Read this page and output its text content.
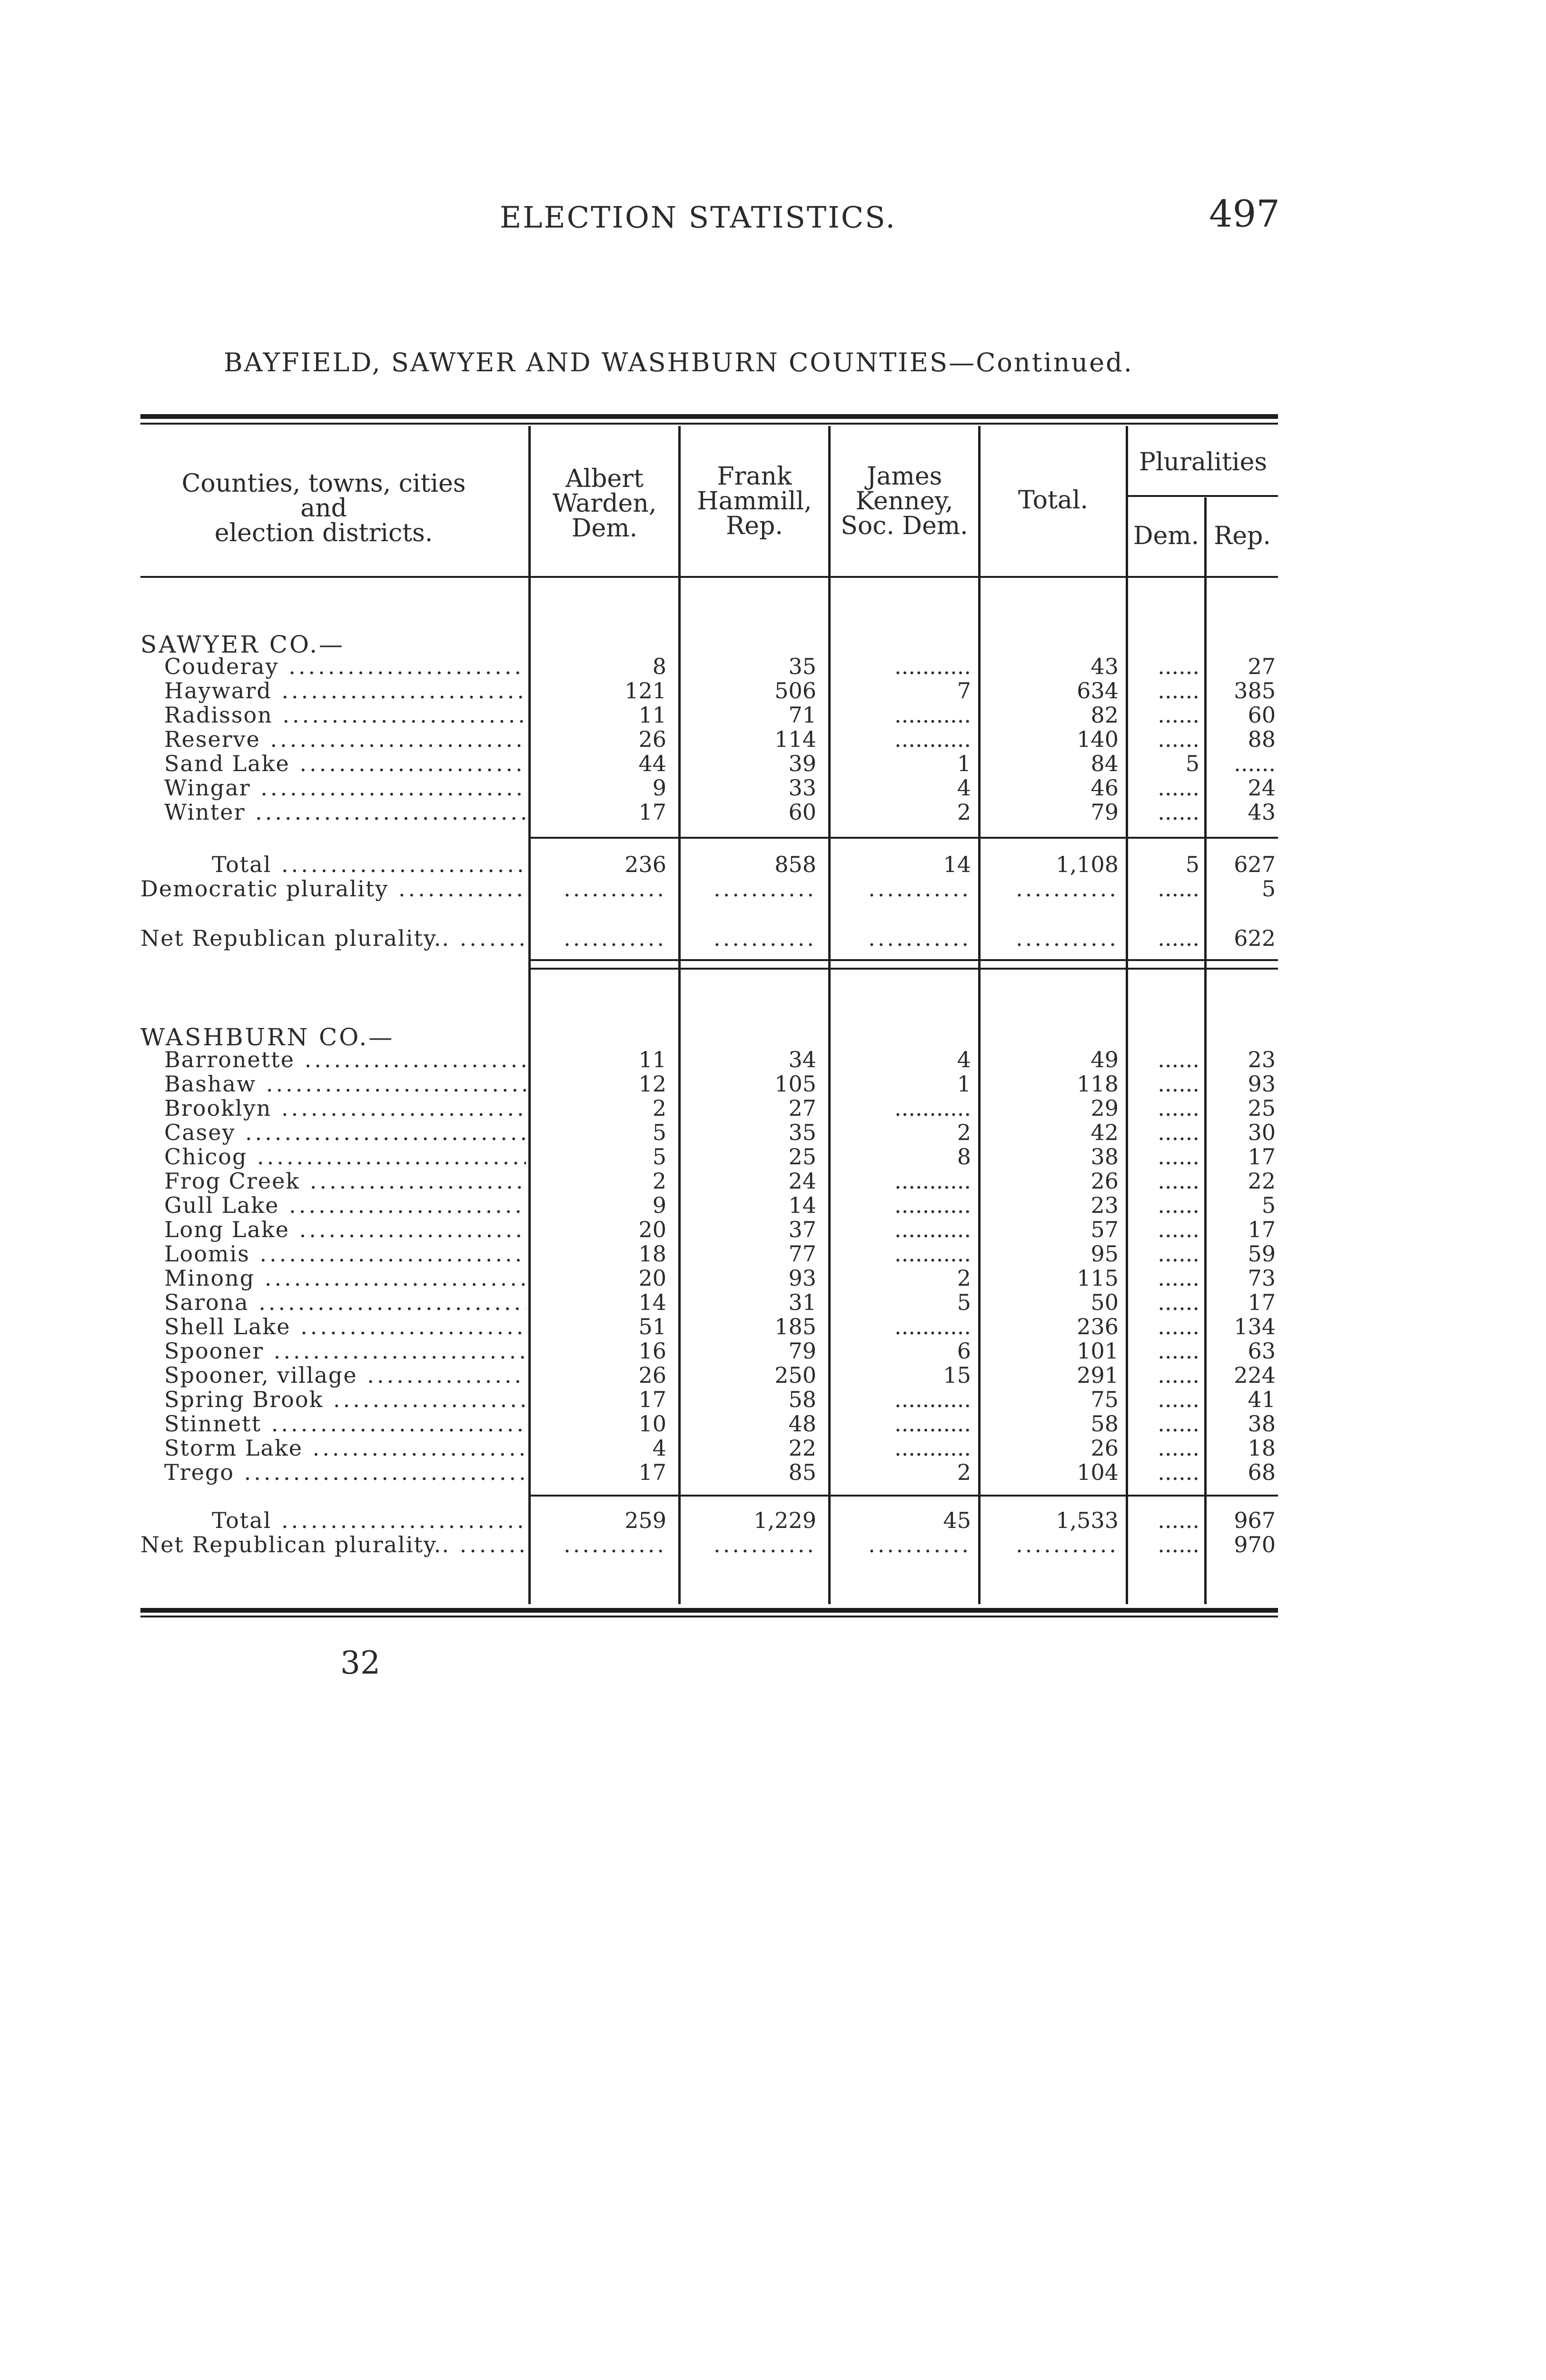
ELECTION STATISTICS.	497
BAYFIELD, SAWYER AND WASHBURN COUNTIES—Continued.
Counties, towns, cities
and
election districts.
Albert
Warden,
Dem.
Frank
Hammill,
Rep.
James
Kenney,
Soc. Dem.
Total.
Pluralities
Dem. Rep.
SAWYER CO.—
Couderay .....	8	35	...........	43	......	27
Hayward .....	121	506	7	634	......	385
Radisson .....	11	71	...........	82	......	60
Reserve .....	26	114	...........	140	......	88
Sand Lake .....	44	39	1	84	5	......
Wingar .....	9	33	4	46	......	24
Winter .....	17	60	2	79	......	43
Total .....	236	858	14	1,108	5	627
Democratic plurality .....	...........	...........	...........	...........	......	5
Net Republican plurality.. .....	...........	...........	...........	...........	......	622
WASHBURN CO.—
Barronette .....	11	34	4	49	......	23
Bashaw .....	12	105	1	118	......	93
Brooklyn .....	2	27	...........	29	......	25
Casey .....	5	35	2	42	......	30
Chicog .....	5	25	8	38	......	17
Frog Creek .....	2	24	...........	26	......	22
Gull Lake .....	9	14	...........	23	......	5
Long Lake .....	20	37	...........	57	......	17
Loomis .....	18	77	...........	95	......	59
Minong .....	20	93	2	115	......	73
Sarona .....	14	31	5	50	......	17
Shell Lake .....	51	185	...........	236	......	134
Spooner .....	16	79	6	101	......	63
Spooner, village .....	26	250	15	291	......	224
Spring Brook .....	17	58	...........	75	......	41
Stinnett .....	10	48	...........	58	......	38
Storm Lake .....	4	22	...........	26	......	18
Trego .....	17	85	2	104	......	68
Total .....	259	1,229	45	1,533	......	967
Net Republican plurality.. .....	...........	...........	...........	...........	......	970
32
